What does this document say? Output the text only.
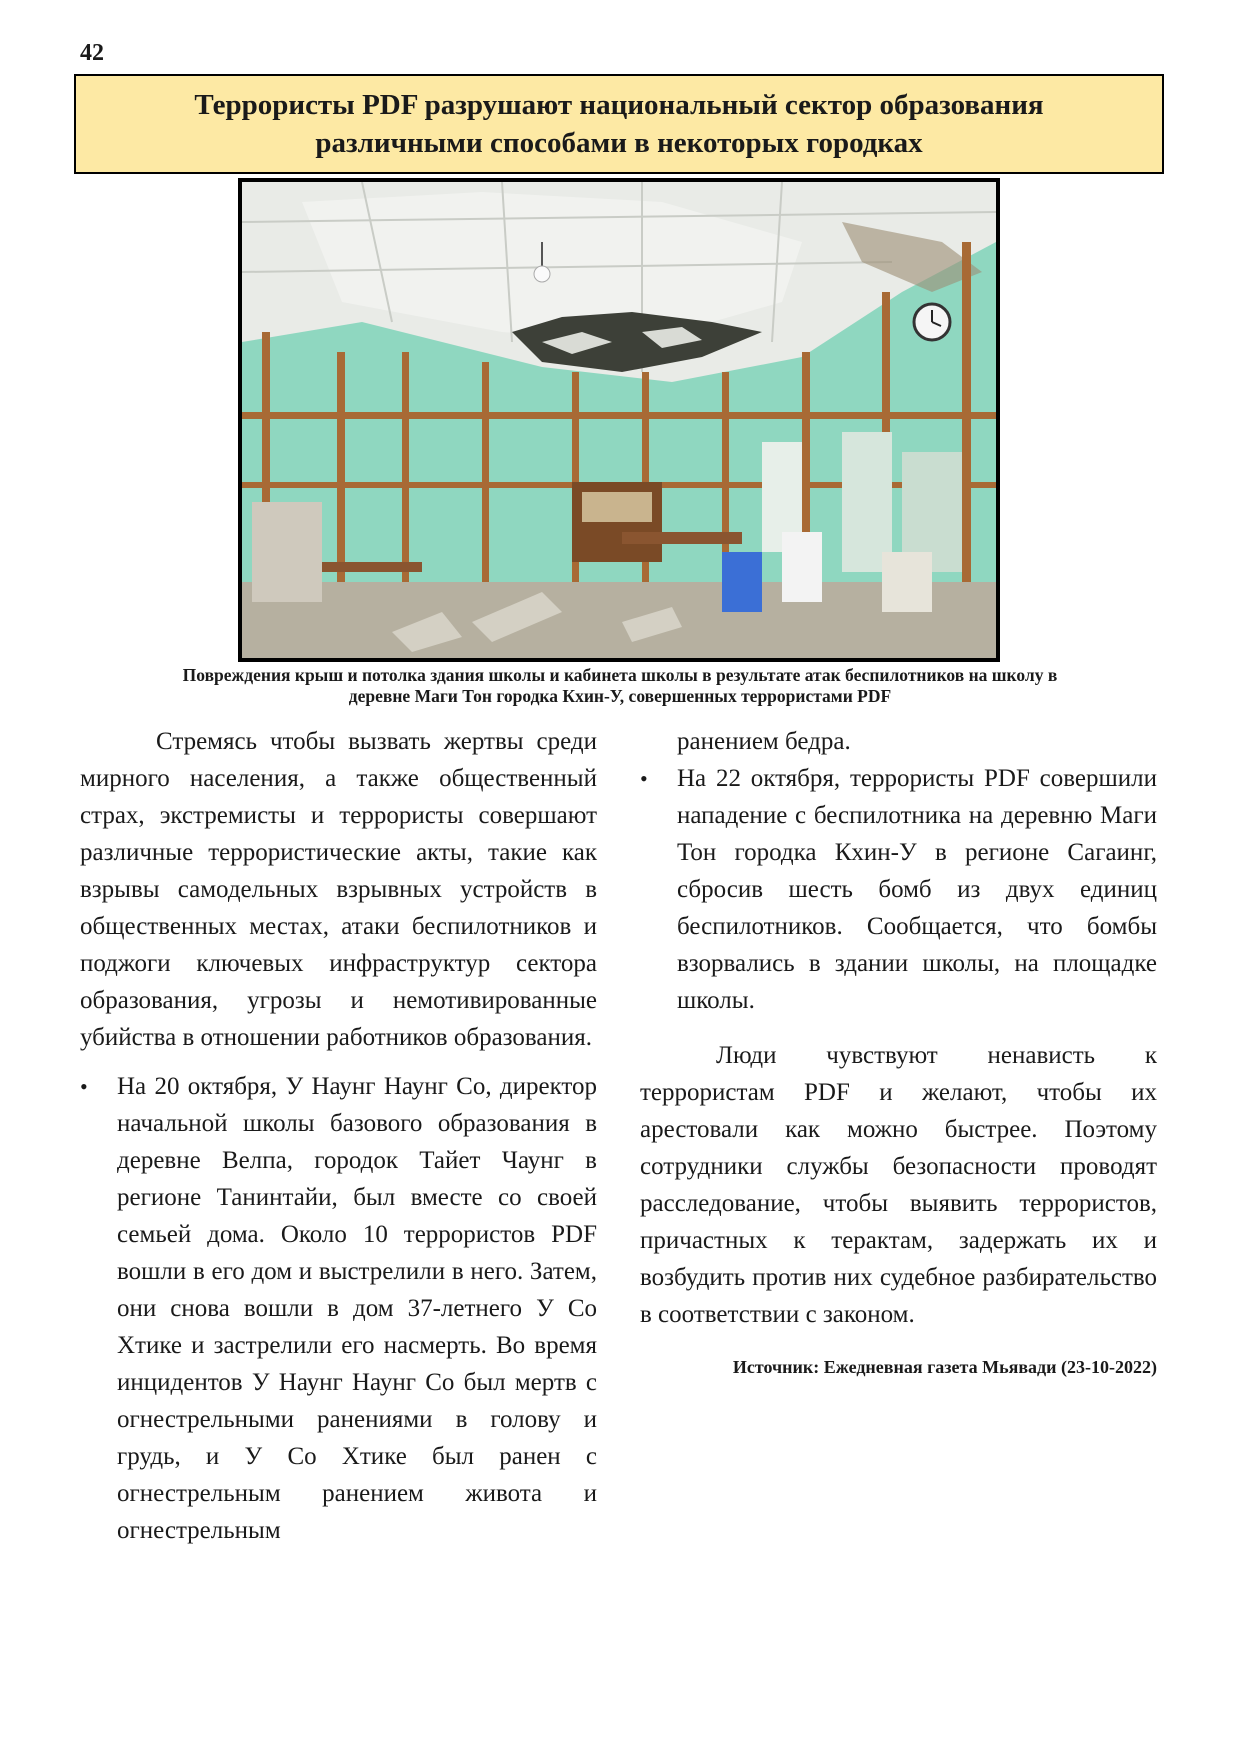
42
Террористы PDF разрушают национальный сектор образования
различными способами в некоторых городках
Повреждения крыш и потолка здания школы и кабинета школы в результате атак беспилотников на школу в
деревне Маги Тон городка Кхин-У, совершенных террористами PDF

Стремясь чтобы вызвать жертвы среди мирного населения, а также общественный страх, экстремисты и террористы совершают различные террористические акты, такие как взрывы самодельных взрывных устройств в общественных местах, атаки беспилотников и поджоги ключевых инфраструктур сектора образования, угрозы и немотивированные убийства в отношении работников образования.

• На 20 октября, У Наунг Наунг Со, директор начальной школы базового образования в деревне Велпа, городок Тайет Чаунг в регионе Танинтайи, был вместе со своей семьей дома. Около 10 террористов PDF вошли в его дом и выстрелили в него. Затем, они снова вошли в дом 37-летнего У Со Хтике и застрелили его насмерть. Во время инцидентов У Наунг Наунг Со был мертв с огнестрельными ранениями в голову и грудь, и У Со Хтике был ранен с огнестрельным ранением живота и огнестрельным

ранением бедра.

• На 22 октября, террористы PDF совершили нападение с беспилотника на деревню Маги Тон городка Кхин-У в регионе Сагаинг, сбросив шесть бомб из двух единиц беспилотников. Сообщается, что бомбы взорвались в здании школы, на площадке школы.

Люди чувствуют ненависть к террористам PDF и желают, чтобы их арестовали как можно быстрее. Поэтому сотрудники службы безопасности проводят расследование, чтобы выявить террористов, причастных к терактам, задержать их и возбудить против них судебное разбирательство в соответствии с законом.

Источник: Ежедневная газета Мьявади (23-10-2022)
